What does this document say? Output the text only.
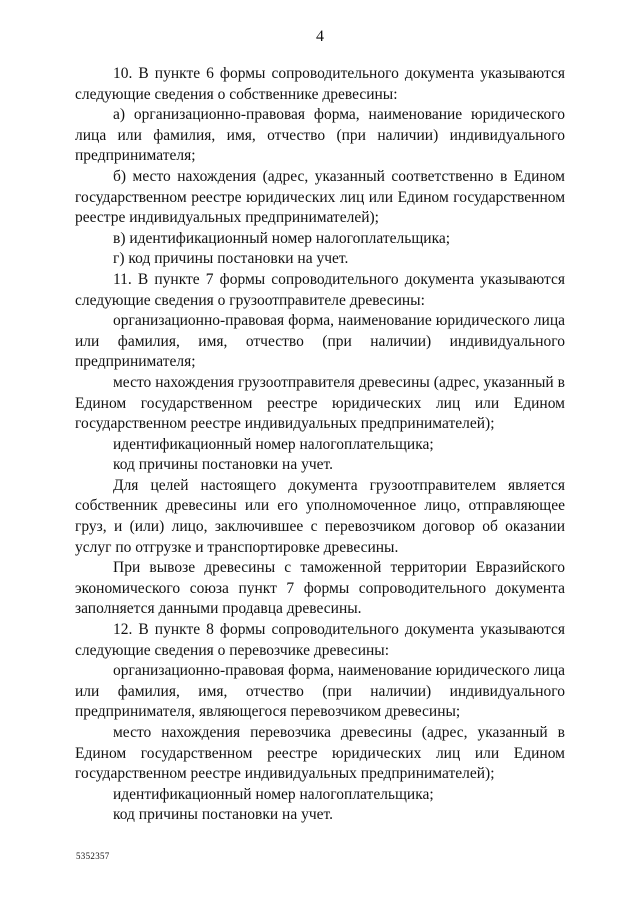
4

10. В пункте 6 формы сопроводительного документа указываются следующие сведения о собственнике древесины:

а) организационно-правовая форма, наименование юридического лица или фамилия, имя, отчество (при наличии) индивидуального предпринимателя;

б) место нахождения (адрес, указанный соответственно в Едином государственном реестре юридических лиц или Едином государственном реестре индивидуальных предпринимателей);

в) идентификационный номер налогоплательщика;

г) код причины постановки на учет.

11. В пункте 7 формы сопроводительного документа указываются следующие сведения о грузоотправителе древесины:

организационно-правовая форма, наименование юридического лица или фамилия, имя, отчество (при наличии) индивидуального предпринимателя;

место нахождения грузоотправителя древесины (адрес, указанный в Едином государственном реестре юридических лиц или Едином государственном реестре индивидуальных предпринимателей);

идентификационный номер налогоплательщика;

код причины постановки на учет.

Для целей настоящего документа грузоотправителем является собственник древесины или его уполномоченное лицо, отправляющее груз, и (или) лицо, заключившее с перевозчиком договор об оказании услуг по отгрузке и транспортировке древесины.

При вывозе древесины с таможенной территории Евразийского экономического союза пункт 7 формы сопроводительного документа заполняется данными продавца древесины.

12. В пункте 8 формы сопроводительного документа указываются следующие сведения о перевозчике древесины:

организационно-правовая форма, наименование юридического лица или фамилия, имя, отчество (при наличии) индивидуального предпринимателя, являющегося перевозчиком древесины;

место нахождения перевозчика древесины (адрес, указанный в Едином государственном реестре юридических лиц или Едином государственном реестре индивидуальных предпринимателей);

идентификационный номер налогоплательщика;

код причины постановки на учет.

5352357
